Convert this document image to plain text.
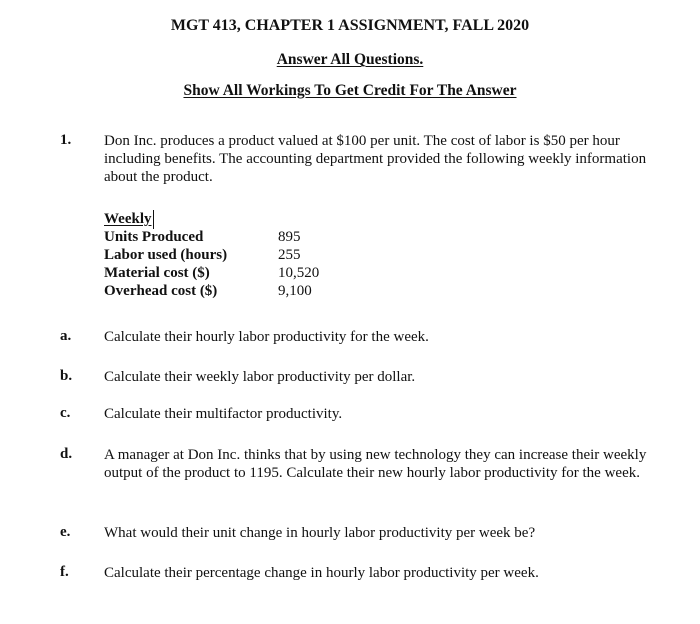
MGT 413, CHAPTER 1 ASSIGNMENT, FALL 2020
Answer All Questions.
Show All Workings To Get Credit For The Answer
1. Don Inc. produces a product valued at $100 per unit. The cost of labor is $50 per hour including benefits. The accounting department provided the following weekly information about the product.
Weekly
Units Produced	895
Labor used (hours)	255
Material cost ($)	10,520
Overhead cost ($)	9,100
a. Calculate their hourly labor productivity for the week.
b. Calculate their weekly labor productivity per dollar.
c. Calculate their multifactor productivity.
d. A manager at Don Inc. thinks that by using new technology they can increase their weekly output of the product to 1195. Calculate their new hourly labor productivity for the week.
e. What would their unit change in hourly labor productivity per week be?
f. Calculate their percentage change in hourly labor productivity per week.
